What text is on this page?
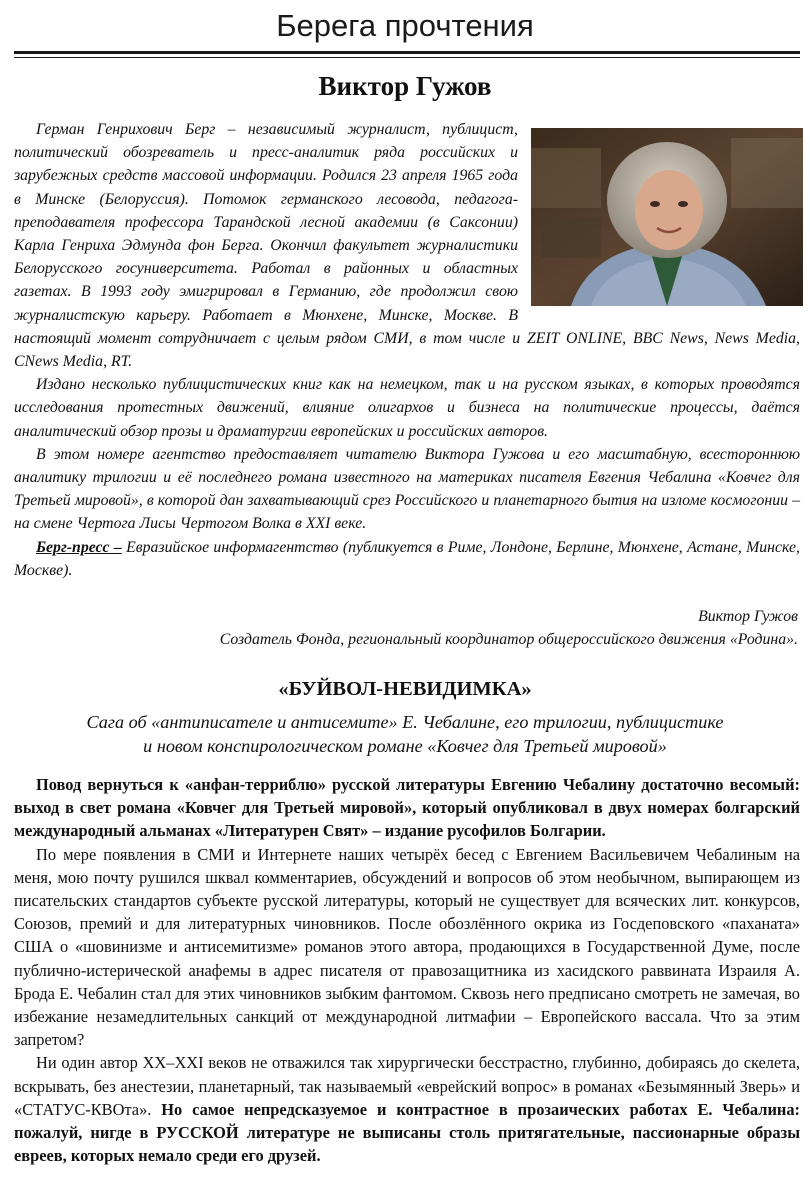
Берега прочтения
Виктор Гужов

Герман Генрихович Берг – независимый журналист, публицист, политический обозреватель и пресс-аналитик ряда российских и зарубежных средств массовой информации. Родился 23 апреля 1965 года в Минске (Белоруссия). Потомок германского лесовода, педагога-преподавателя профессора Тарандской лесной академии (в Саксонии) Карла Генриха Эдмунда фон Берга. Окончил факультет журналистики Белорусского госуниверситета. Работал в районных и областных газетах. В 1993 году эмигрировал в Германию, где продолжил свою журналистскую карьеру. Работает в Мюнхене, Минске, Москве. В настоящий момент сотрудничает с целым рядом СМИ, в том числе и ZEIT ONLINE, BBC News, News Media, CNews Media, RT.

Издано несколько публицистических книг как на немецком, так и на русском языках, в которых проводятся исследования протестных движений, влияние олигархов и бизнеса на политические процессы, даётся аналитический обзор прозы и драматургии европейских и российских авторов.

В этом номере агентство предоставляет читателю Виктора Гужова и его масштабную, всестороннюю аналитику трилогии и её последнего романа известного на материках писателя Евгения Чебалина «Ковчег для Третьей мировой», в которой дан захватывающий срез Российского и планетарного бытия на изломе космогонии – на смене Чертога Лисы Чертогом Волка в XXI веке.

Берг-пресс – Евразийское информагентство (публикуется в Риме, Лондоне, Берлине, Мюнхене, Астане, Минске, Москве).

Виктор Гужов
Создатель Фонда, региональный координатор общероссийского движения «Родина».
«БУЙВОЛ-НЕВИДИМКА»
Сага об «антиписателе и антисемите» Е. Чебалине, его трилогии, публицистике
и новом конспирологическом романе «Ковчег для Третьей мировой»

Повод вернуться к «анфан-терриблю» русской литературы Евгению Чебалину достаточно весомый: выход в свет романа «Ковчег для Третьей мировой», который опубликовал в двух номерах болгарский международный альманах «Литературен Свят» – издание русофилов Болгарии.

По мере появления в СМИ и Интернете наших четырёх бесед с Евгением Васильевичем Чебалиным на меня, мою почту рушился шквал комментариев, обсуждений и вопросов об этом необычном, выпирающем из писательских стандартов субъекте русской литературы, который не существует для всяческих лит. конкурсов, Союзов, премий и для литературных чиновников. После обозлённого окрика из Госдеповского «паханата» США о «шовинизме и антисемитизме» романов этого автора, продающихся в Государственной Думе, после публично-истерической анафемы в адрес писателя от правозащитника из хасидского раввината Израиля А. Брода Е. Чебалин стал для этих чиновников зыбким фантомом. Сквозь него предписано смотреть не замечая, во избежание незамедлительных санкций от международной литмафии – Европейского вассала. Что за этим запретом?

Ни один автор XX–XXI веков не отважился так хирургически бесстрастно, глубинно, добираясь до скелета, вскрывать, без анестезии, планетарный, так называемый «еврейский вопрос» в романах «Безымянный Зверь» и «СТАТУС-КВОта». Но самое непредсказуемое и контрастное в прозаических работах Е. Чебалина: пожалуй, нигде в РУССКОЙ литературе не выписаны столь притягательные, пассионарные образы евреев, которых немало среди его друзей.
